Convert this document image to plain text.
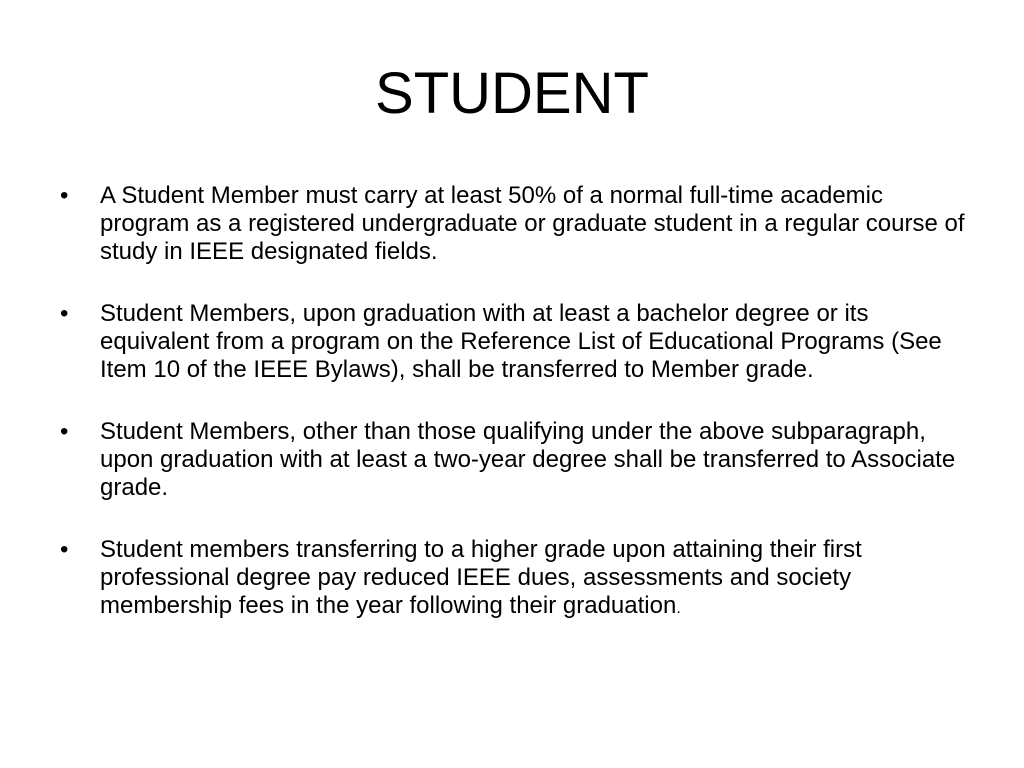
STUDENT
•	A Student Member must carry at least 50% of a normal full-time academic program as a registered undergraduate or graduate student in a regular course of study in IEEE designated fields.
•	Student Members, upon graduation with at least a bachelor degree or its equivalent from a program on the Reference List of Educational Programs (See Item 10 of the IEEE Bylaws), shall be transferred to Member grade.
•	Student Members, other than those qualifying under the above subparagraph, upon graduation with at least a two-year degree shall be transferred to Associate grade.
•	Student members transferring to a higher grade upon attaining their first professional degree pay reduced IEEE dues, assessments and society membership fees in the year following their graduation.
